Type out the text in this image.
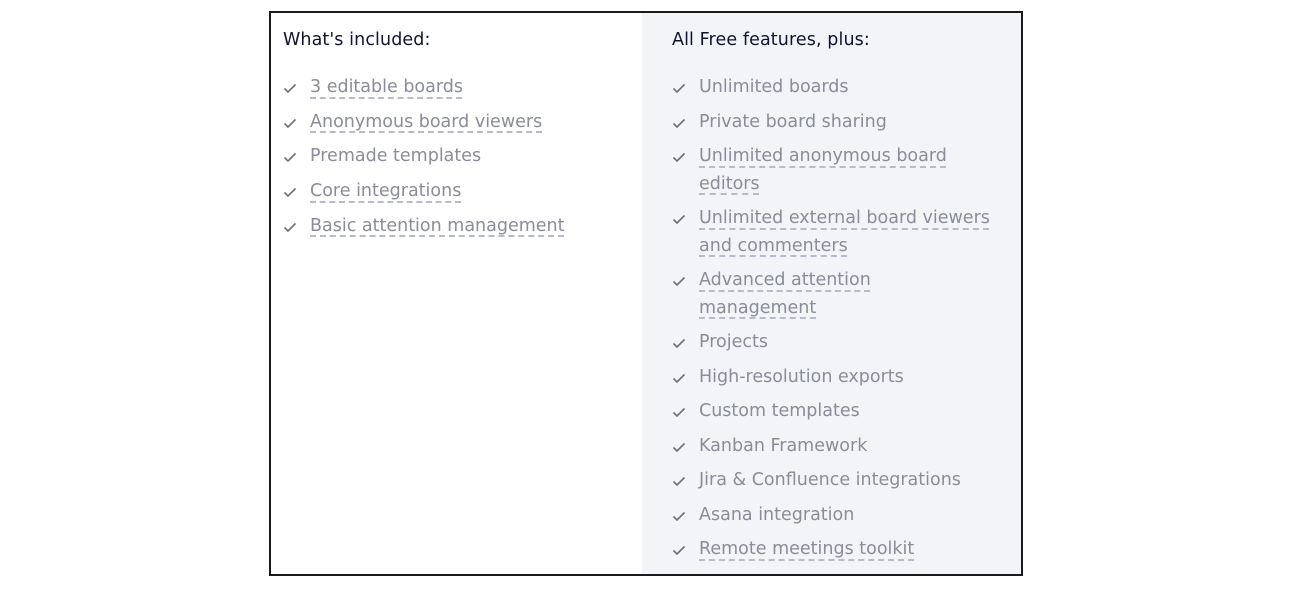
What's included:
3 editable boards
Anonymous board viewers
Premade templates
Core integrations
Basic attention management
All Free features, plus:
Unlimited boards
Private board sharing
Unlimited anonymous board editors
Unlimited external board viewers and commenters
Advanced attention management
Projects
High-resolution exports
Custom templates
Kanban Framework
Jira & Confluence integrations
Asana integration
Remote meetings toolkit
